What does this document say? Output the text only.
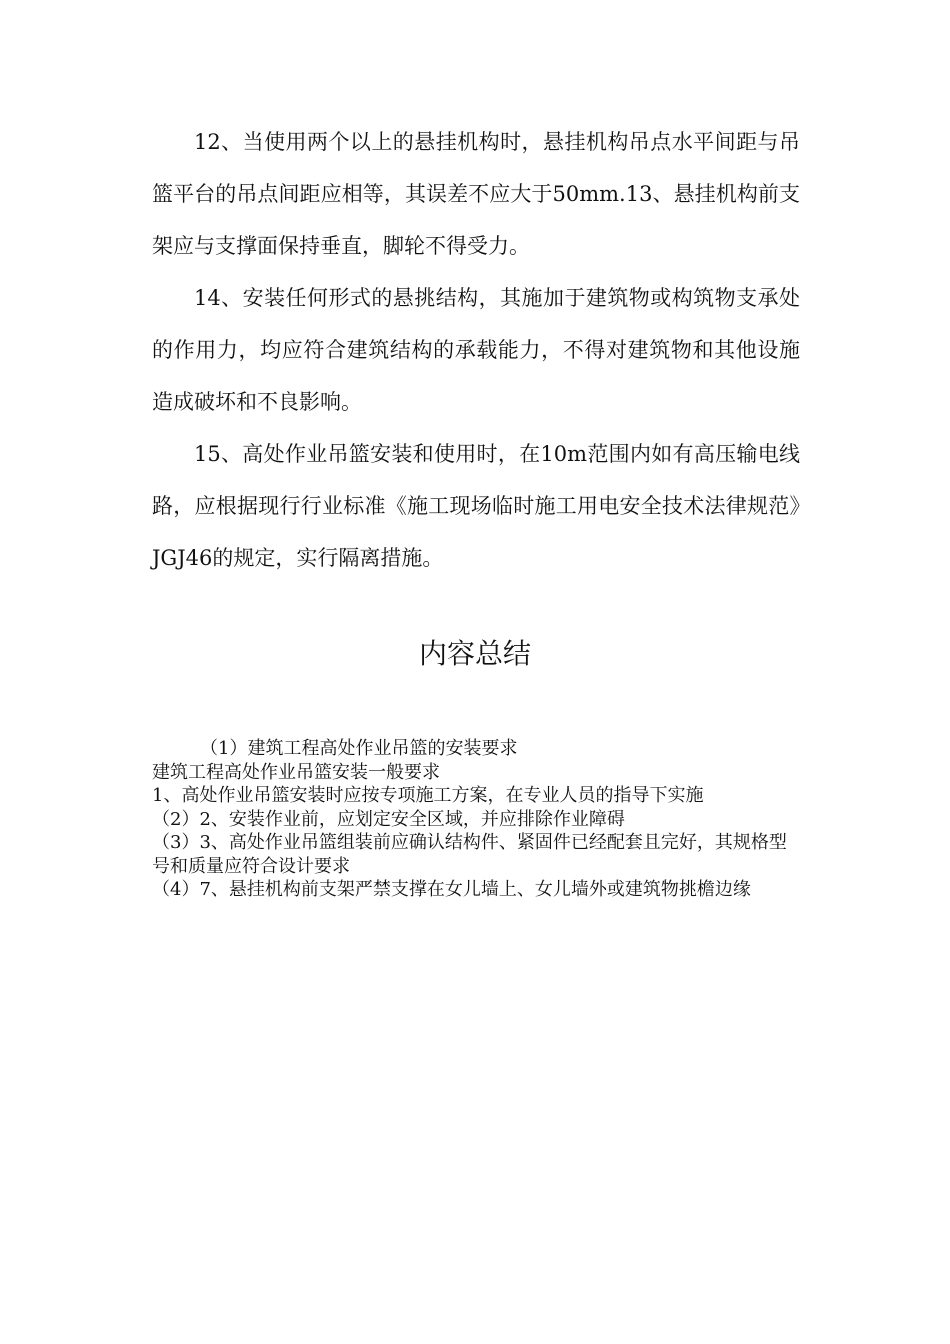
12、当使用两个以上的悬挂机构时，悬挂机构吊点水平间距与吊篮平台的吊点间距应相等，其误差不应大于50mm.13、悬挂机构前支架应与支撑面保持垂直，脚轮不得受力。

14、安装任何形式的悬挑结构，其施加于建筑物或构筑物支承处的作用力，均应符合建筑结构的承载能力，不得对建筑物和其他设施造成破坏和不良影响。

15、高处作业吊篮安装和使用时，在10m范围内如有高压输电线路，应根据现行行业标准《施工现场临时施工用电安全技术法律规范》JGJ46的规定，实行隔离措施。

内容总结
（1）建筑工程高处作业吊篮的安装要求
建筑工程高处作业吊篮安装一般要求
1、高处作业吊篮安装时应按专项施工方案，在专业人员的指导下实施
（2）2、安装作业前，应划定安全区域，并应排除作业障碍
（3）3、高处作业吊篮组装前应确认结构件、紧固件已经配套且完好，其规格型号和质量应符合设计要求
（4）7、悬挂机构前支架严禁支撑在女儿墙上、女儿墙外或建筑物挑檐边缘
